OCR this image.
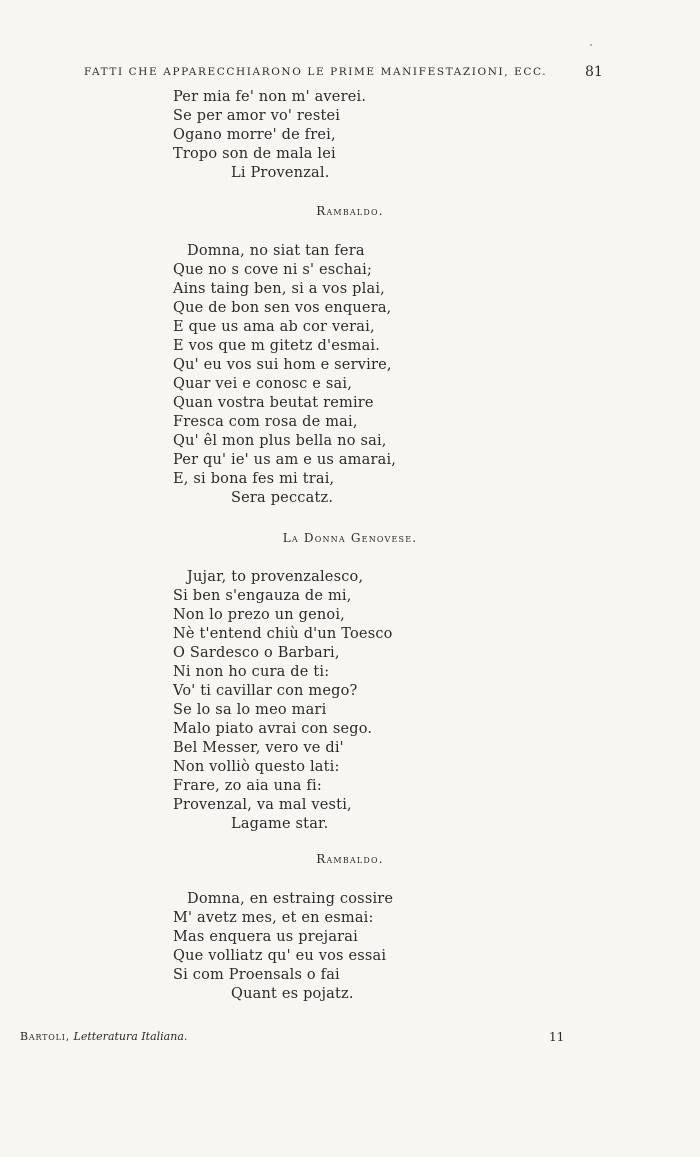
FATTI CHE APPARECCHIARONO LE PRIME MANIFESTAZIONI, ECC.	81
Per mia fe' non m' averei.
Se per amor vo' restei
Ogano morre' de frei,
Tropo son de mala lei
Li Provenzal.
Rambaldo.
Domna, no siat tan fera
Que no s cove ni s' eschai;
Ains taing ben, si a vos plai,
Que de bon sen vos enquera,
E que us ama ab cor verai,
E vos que m gitetz d'esmai.
Qu' eu vos sui hom e servire,
Quar vei e conosc e sai,
Quan vostra beutat remire
Fresca com rosa de mai,
Qu' êl mon plus bella no sai,
Per qu' ie' us am e us amarai,
E, si bona fes mi trai,
Sera peccatz.
La Donna Genovese.
Jujar, to provenzalesco,
Si ben s'engauza de mi,
Non lo prezo un genoi,
Nè t'entend chiù d'un Toesco
O Sardesco o Barbari,
Ni non ho cura de ti:
Vo' ti cavillar con mego?
Se lo sa lo meo mari
Malo piato avrai con sego.
Bel Messer, vero ve di'
Non volliò questo lati:
Frare, zo aia una fi:
Provenzal, va mal vesti,
Lagame star.
Rambaldo.
Domna, en estraing cossire
M' avetz mes, et en esmai:
Mas enquera us prejarai
Que volliatz qu' eu vos essai
Si com Proensals o fai
Quant es pojatz.
Bartoli, Letteratura Italiana.	11
